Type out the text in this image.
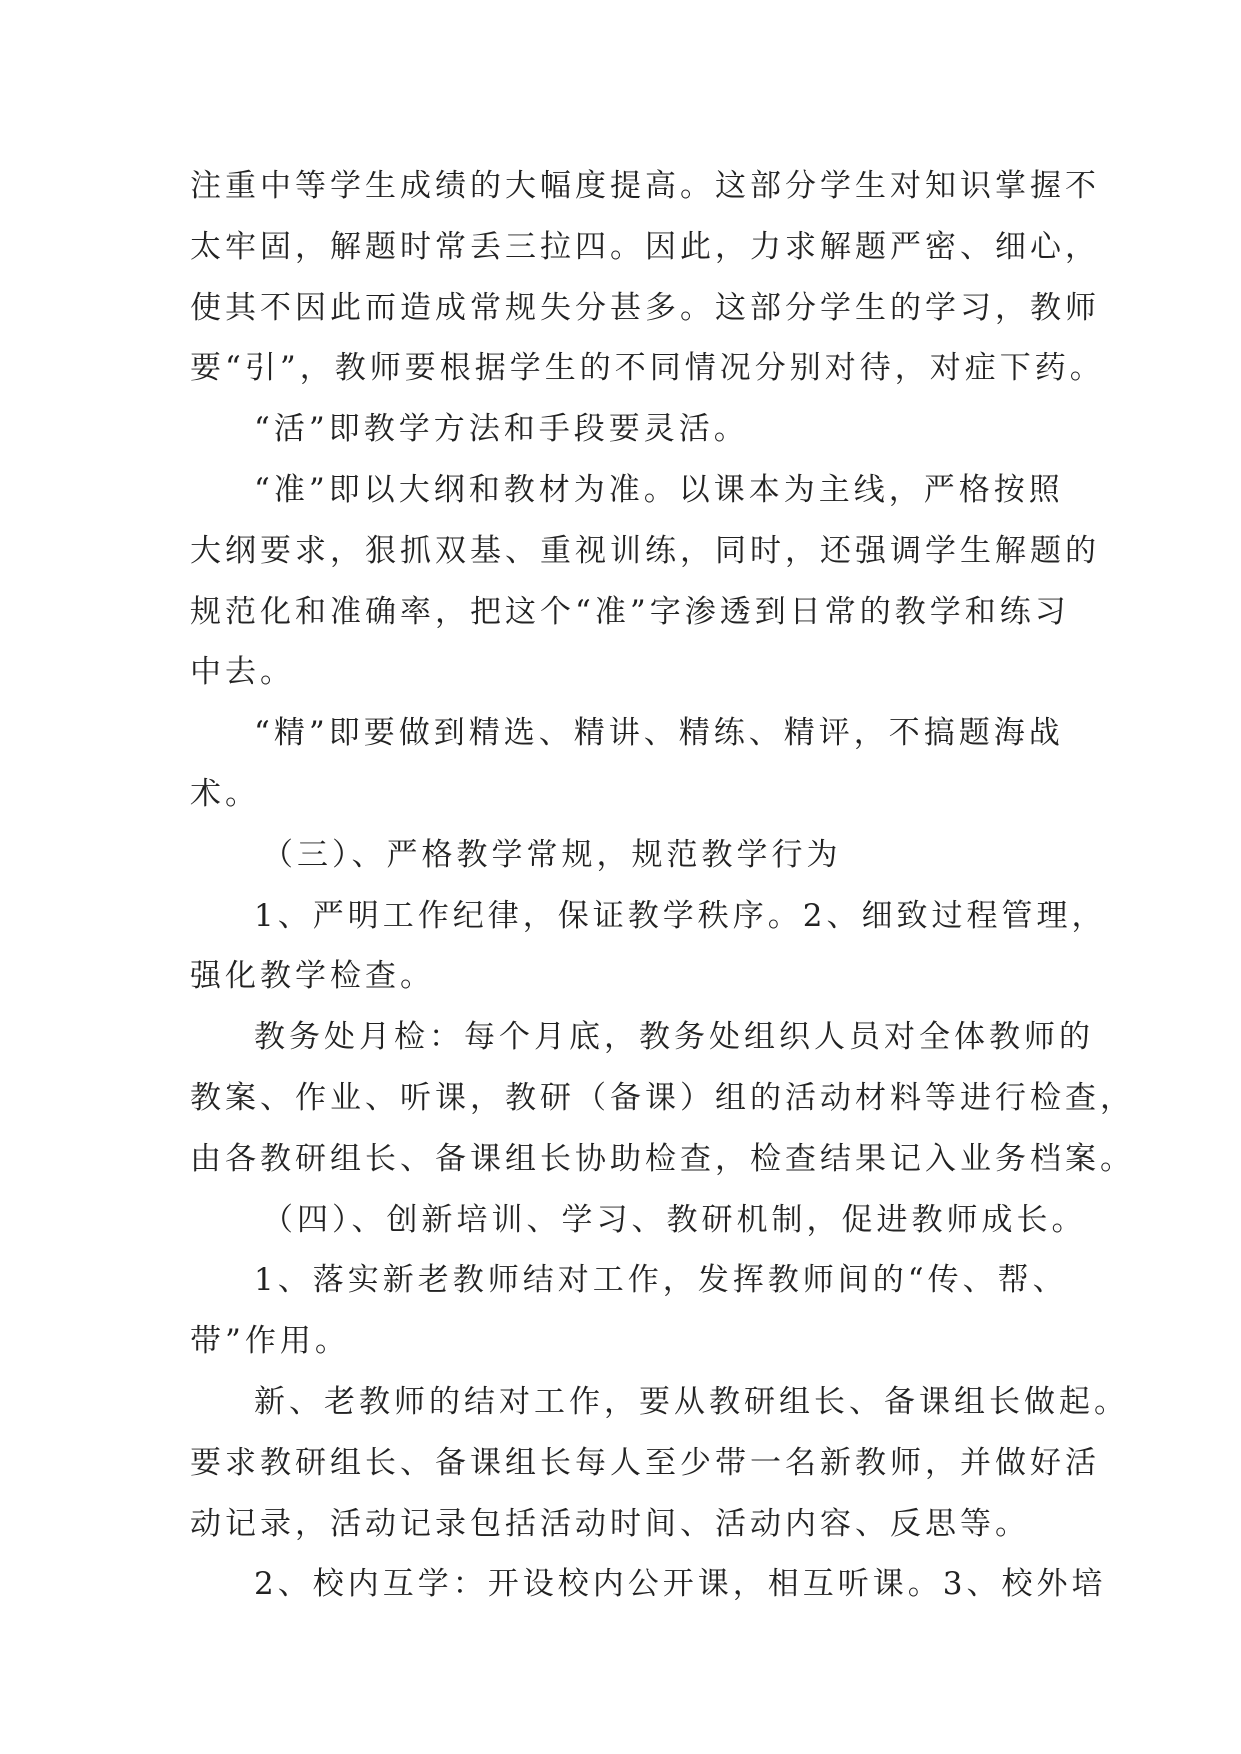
注重中等学生成绩的大幅度提高。这部分学生对知识掌握不
太牢固，解题时常丢三拉四。因此，力求解题严密、细心，
使其不因此而造成常规失分甚多。这部分学生的学习，教师
要“引”，教师要根据学生的不同情况分别对待，对症下药。
“活”即教学方法和手段要灵活。
“准”即以大纲和教材为准。以课本为主线，严格按照
大纲要求，狠抓双基、重视训练，同时，还强调学生解题的
规范化和准确率，把这个“准”字渗透到日常的教学和练习
中去。
“精”即要做到精选、精讲、精练、精评，不搞题海战
术。
（三）、严格教学常规，规范教学行为
1、严明工作纪律，保证教学秩序。2、细致过程管理，
强化教学检查。
教务处月检：每个月底，教务处组织人员对全体教师的
教案、作业、听课，教研（备课）组的活动材料等进行检查，
由各教研组长、备课组长协助检查，检查结果记入业务档案。
（四）、创新培训、学习、教研机制，促进教师成长。
1、落实新老教师结对工作，发挥教师间的“传、帮、
带”作用。
新、老教师的结对工作，要从教研组长、备课组长做起。
要求教研组长、备课组长每人至少带一名新教师，并做好活
动记录，活动记录包括活动时间、活动内容、反思等。
2、校内互学：开设校内公开课，相互听课。3、校外培
